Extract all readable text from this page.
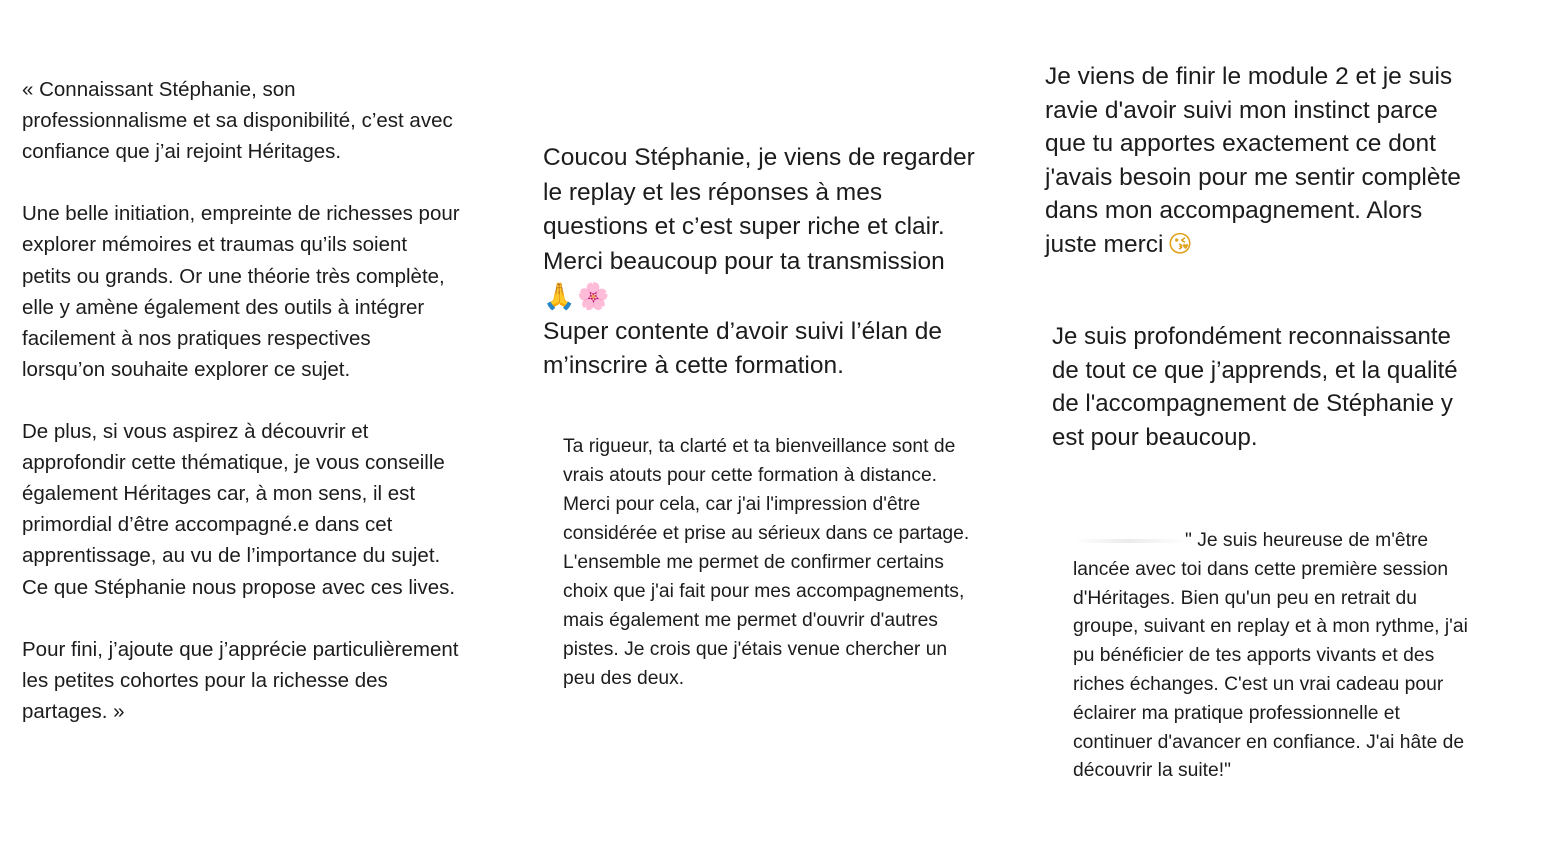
« Connaissant Stéphanie, son
professionnalisme et sa disponibilité, c’est avec
confiance que j’ai rejoint Héritages.

Une belle initiation, empreinte de richesses pour
explorer mémoires et traumas qu’ils soient
petits ou grands. Or une théorie très complète,
elle y amène également des outils à intégrer
facilement à nos pratiques respectives
lorsqu’on souhaite explorer ce sujet.

De plus, si vous aspirez à découvrir et
approfondir cette thématique, je vous conseille
également Héritages car, à mon sens, il est
primordial d’être accompagné.e dans cet
apprentissage, au vu de l’importance du sujet.
Ce que Stéphanie nous propose avec ces lives.

Pour fini, j’ajoute que j’apprécie particulièrement
les petites cohortes pour la richesse des
partages. »

Coucou Stéphanie, je viens de regarder
le replay et les réponses à mes
questions et c’est super riche et clair.
Merci beaucoup pour ta transmission

🙏🌸

Super contente d’avoir suivi l’élan de
m’inscrire à cette formation.

Ta rigueur, ta clarté et ta bienveillance sont de
vrais atouts pour cette formation à distance.
Merci pour cela, car j'ai l'impression d'être
considérée et prise au sérieux dans ce partage.
L'ensemble me permet de confirmer certains
choix que j'ai fait pour mes accompagnements,
mais également me permet d'ouvrir d'autres
pistes. Je crois que j'étais venue chercher un
peu des deux.

Je viens de finir le module 2 et je suis
ravie d'avoir suivi mon instinct parce
que tu apportes exactement ce dont
j'avais besoin pour me sentir complète
dans mon accompagnement. Alors
juste merci 😘

Je suis profondément reconnaissante
de tout ce que j’apprends, et la qualité
de l'accompagnement de Stéphanie y
est pour beaucoup.

" Je suis heureuse de m'être
lancée avec toi dans cette première session
d'Héritages. Bien qu'un peu en retrait du
groupe, suivant en replay et à mon rythme, j'ai
pu bénéficier de tes apports vivants et des
riches échanges. C'est un vrai cadeau pour
éclairer ma pratique professionnelle et
continuer d'avancer en confiance. J'ai hâte de
découvrir la suite!"
